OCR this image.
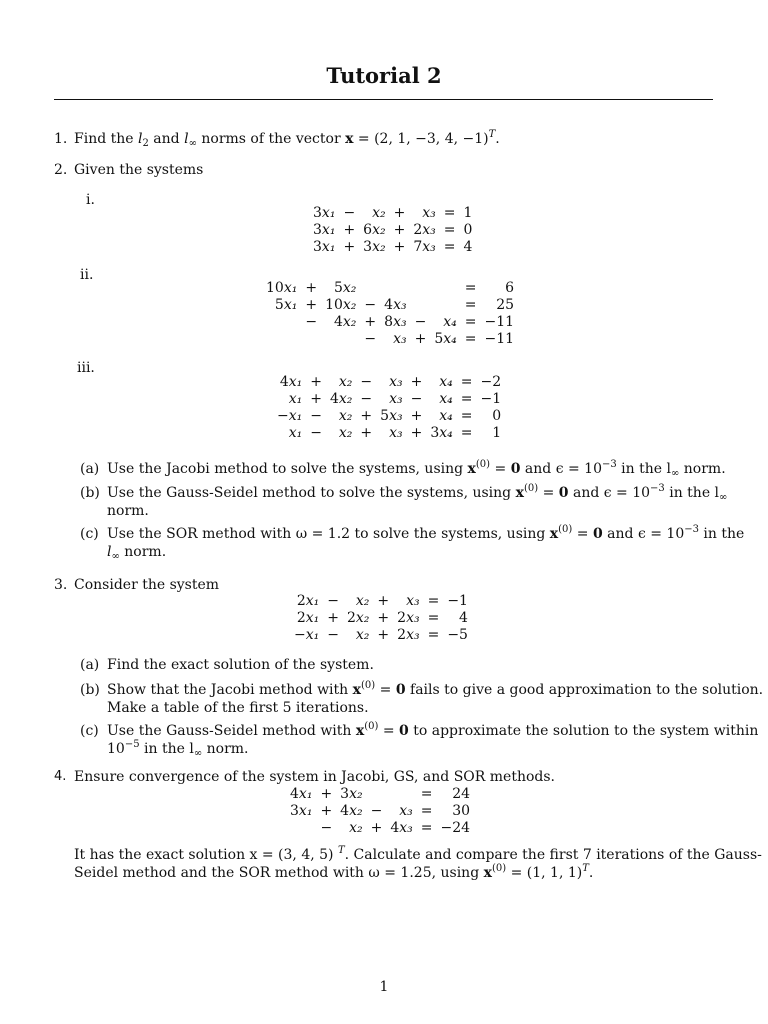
Tutorial 2
1. Find the $l_2$ and $l_\infty$ norms of the vector x = (2, 1, −3, 4, −1)$^T$.
2. Given the systems
i.
3x₁	−	x₂	+	x₃	=	1
3x₁	+	6x₂	+	2x₃	=	0
3x₁	+	3x₂	+	7x₃	=	4
ii.
10x₁	+	5x₂					=	6
5x₁	+	10x₂	−	4x₃			=	25
	−	4x₂	+	8x₃	−	x₄	=	−11
			−	x₃	+	5x₄	=	−11
iii.
4x₁	+	x₂	−	x₃	+	x₄	=	−2
x₁	+	4x₂	−	x₃	−	x₄	=	−1
−x₁	−	x₂	+	5x₃	+	x₄	=	0
x₁	−	x₂	+	x₃	+	3x₄	=	1
(a) Use the Jacobi method to solve the systems, using $x^{(0)} = 0$ and $\epsilon = 10^{-3}$ in the $l_\infty$ norm.
(b) Use the Gauss-Seidel method to solve the systems, using $x^{(0)} = 0$ and $\epsilon = 10^{-3}$ in the $l_\infty$
norm.
(c) Use the SOR method with ω = 1.2 to solve the systems, using $x^{(0)} = 0$ and $\epsilon = 10^{-3}$ in the
$l_\infty$ norm.
3. Consider the system
2x₁	−	x₂	+	x₃	=	−1
2x₁	+	2x₂	+	2x₃	=	4
−x₁	−	x₂	+	2x₃	=	−5
(a) Find the exact solution of the system.
(b) Show that the Jacobi method with $x^{(0)} = 0$ fails to give a good approximation to the solution.
Make a table of the first 5 iterations.
(c) Use the Gauss-Seidel method with $x^{(0)} = 0$ to approximate the solution to the system within
$10^{-5}$ in the $l_\infty$ norm.
4. Ensure convergence of the system in Jacobi, GS, and SOR methods.
4x₁	+	3x₂			=	24
3x₁	+	4x₂	−	x₃	=	30
	−	x₂	+	4x₃	=	−24
It has the exact solution x = (3, 4, 5) $^T$. Calculate and compare the first 7 iterations of the Gauss-
Seidel method and the SOR method with ω = 1.25, using $x^{(0)} = (1$, 1, 1)$^T$.
1
